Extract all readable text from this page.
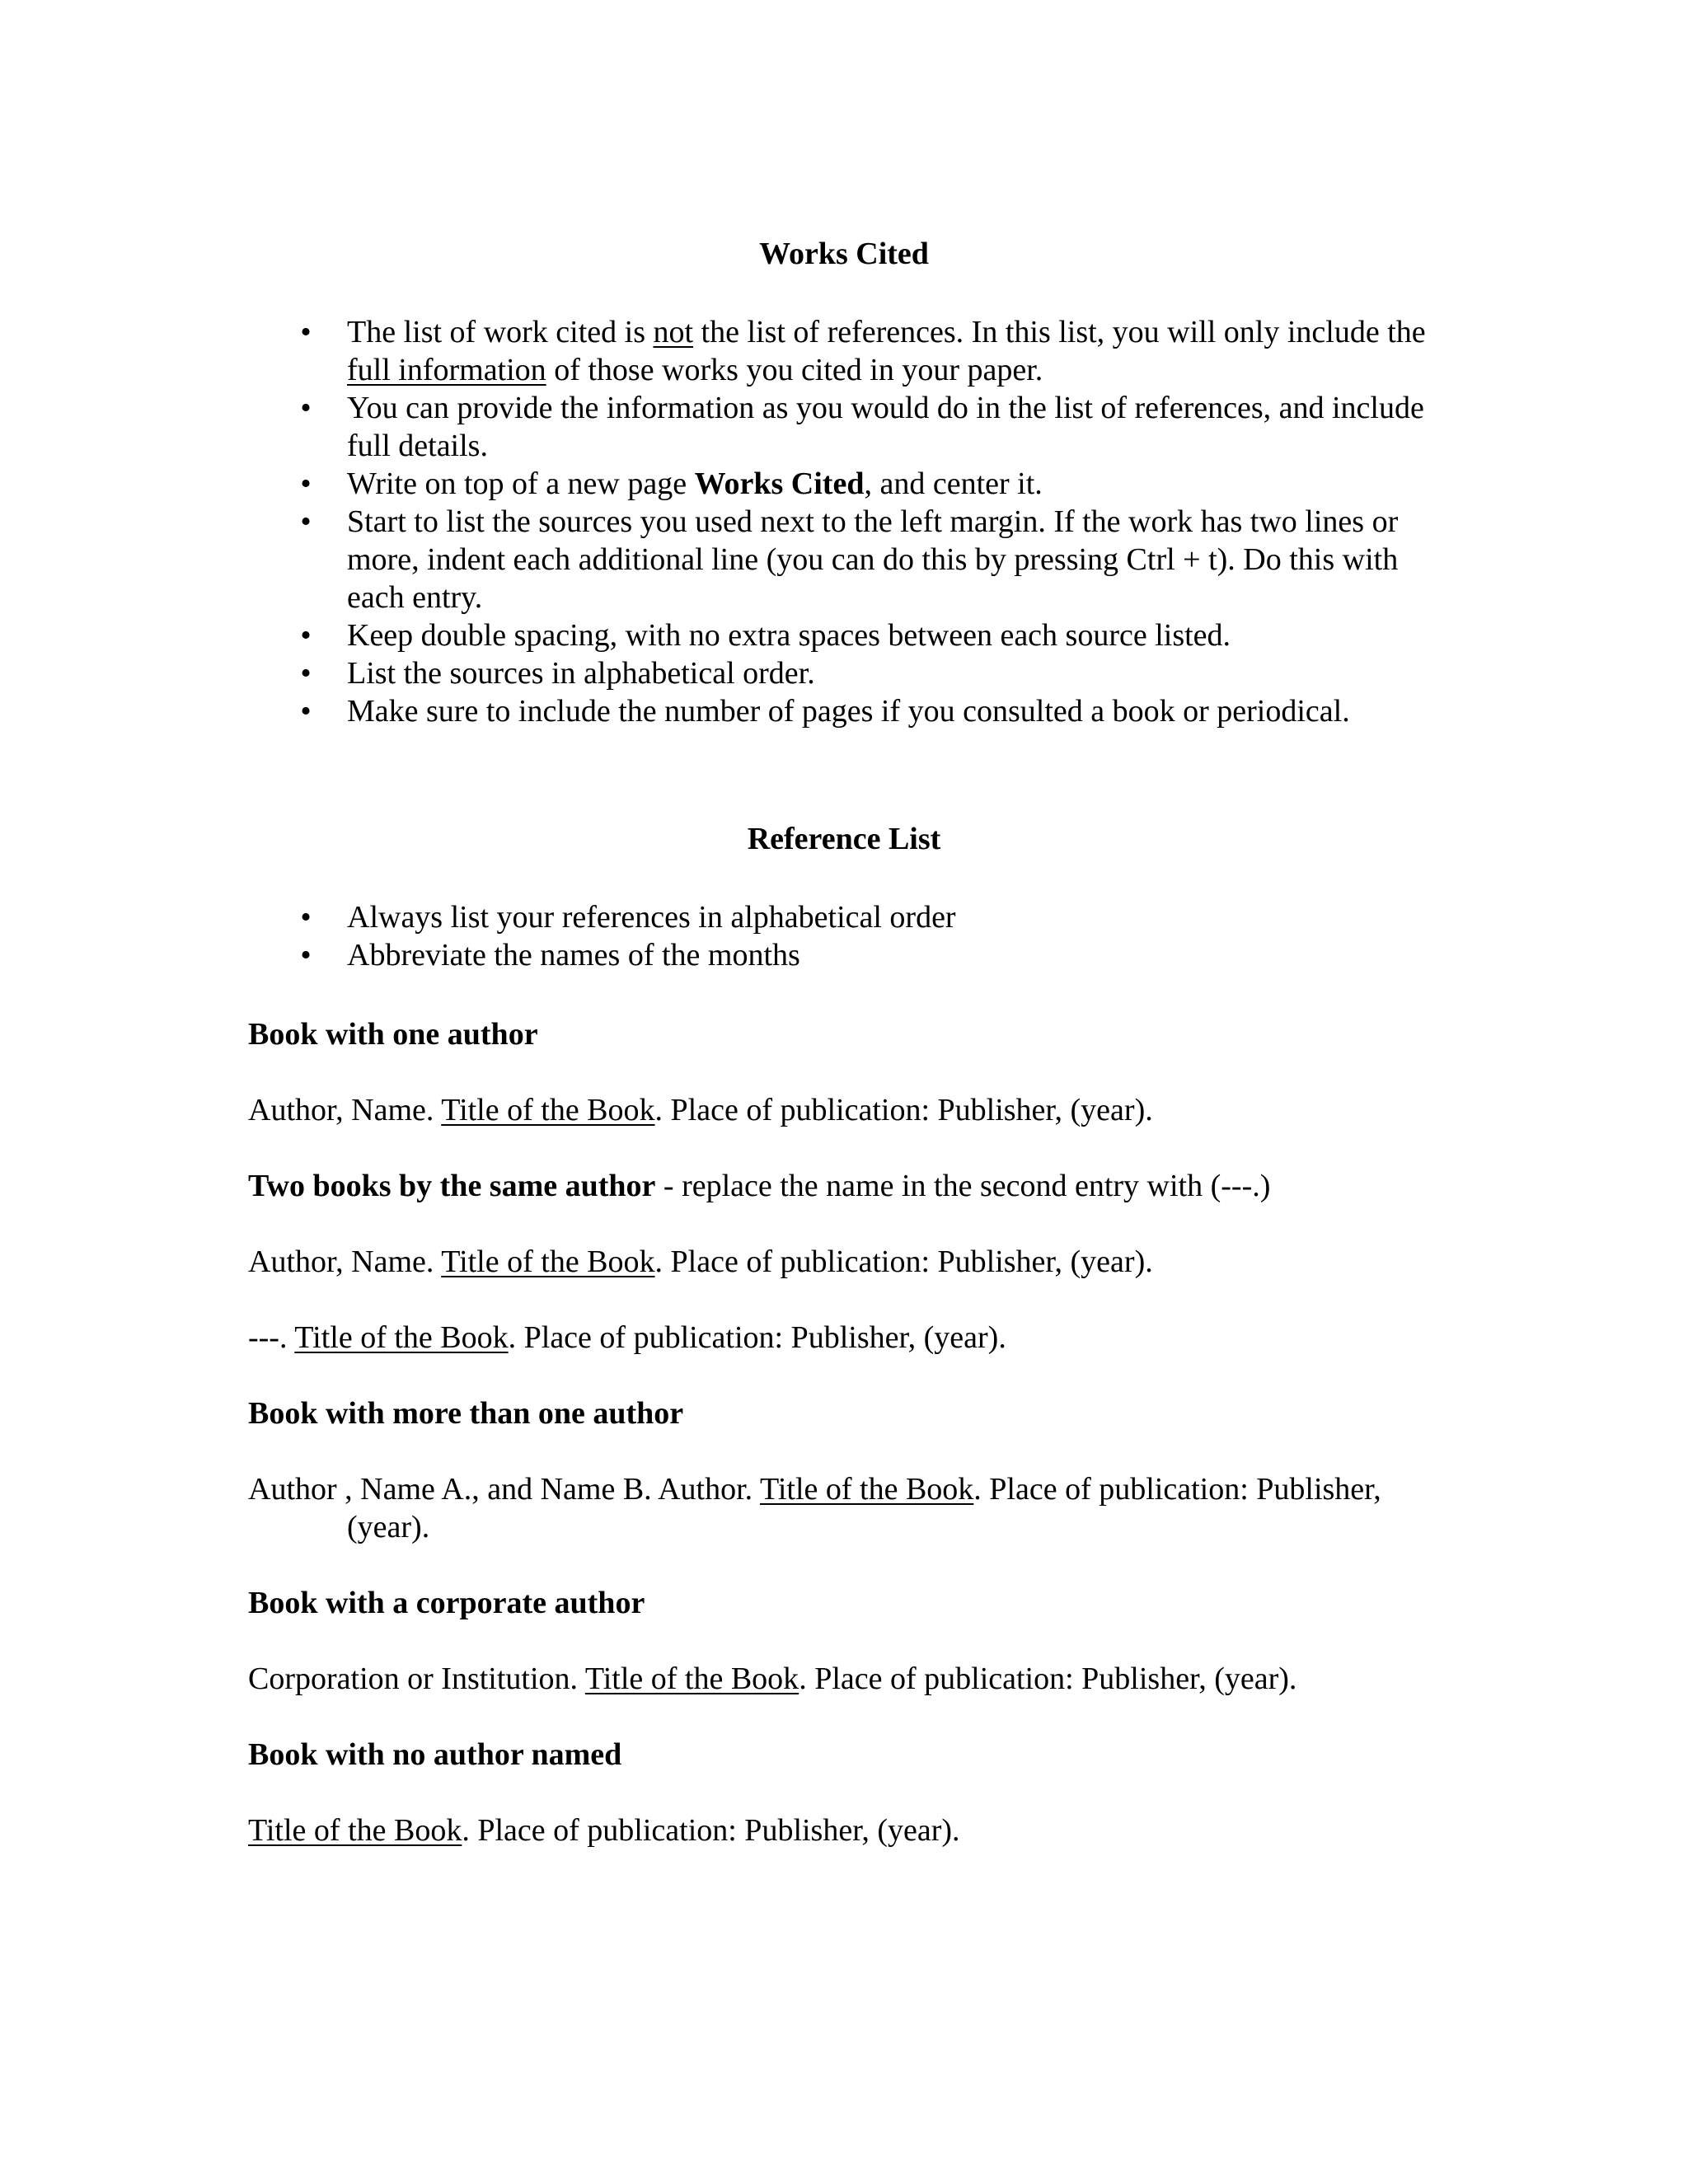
Works Cited
• The list of work cited is not the list of references. In this list, you will only include the full information of those works you cited in your paper.
• You can provide the information as you would do in the list of references, and include full details.
• Write on top of a new page Works Cited, and center it.
• Start to list the sources you used next to the left margin. If the work has two lines or more, indent each additional line (you can do this by pressing Ctrl + t). Do this with each entry.
• Keep double spacing, with no extra spaces between each source listed.
• List the sources in alphabetical order.
• Make sure to include the number of pages if you consulted a book or periodical.
Reference List
• Always list your references in alphabetical order
• Abbreviate the names of the months

Book with one author

Author, Name. Title of the Book. Place of publication: Publisher, (year).

Two books by the same author - replace the name in the second entry with (---.)

Author, Name. Title of the Book. Place of publication: Publisher, (year).

---. Title of the Book. Place of publication: Publisher, (year).

Book with more than one author

Author , Name A., and Name B. Author. Title of the Book. Place of publication: Publisher, (year).

Book with a corporate author

Corporation or Institution. Title of the Book. Place of publication: Publisher, (year).

Book with no author named

Title of the Book. Place of publication: Publisher, (year).
